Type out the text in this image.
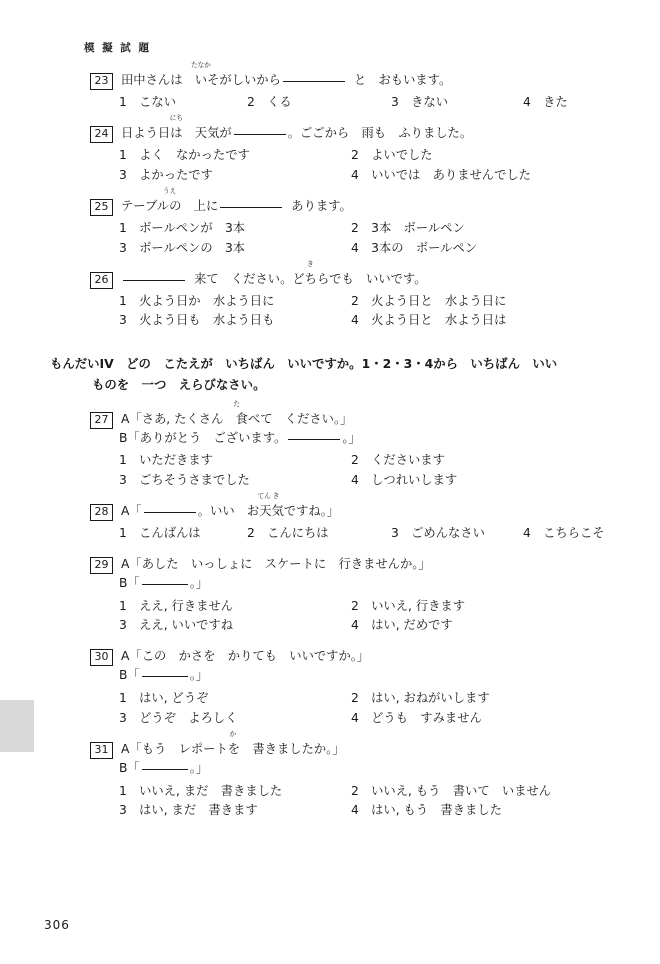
模 擬 試 題
23
たなか
田中さんは　いそがしいから	と　おもいます。
1　こない	2　くる	3　きない	4　きた
24
にち
日よう日は　天気が	。ごごから　雨も　ふりました。
1　よく　なかったです	2　よいでした
3　よかったです	4　いいでは　ありませんでした
25
うえ
テーブルの　上に	あります。
1　ボールペンが　3本	2　3本　ボールペン
3　ボールペンの　3本	4　3本の　ボールペン
26
き
来て　ください。どちらでも　いいです。
1　火よう日か　水よう日に	2　火よう日と　水よう日に
3　火よう日も　水よう日も	4　火よう日と　水よう日は
もんだいIV　どの　こたえが　いちばん　いいですか。1・2・3・4から　いちばん　いい
ものを　一つ　えらびなさい。
27
た
A「さあ, たくさん　食べて　ください。」
B「ありがとう　ございます。	。」
1　いただきます	2　くださいます
3　ごちそうさまでした	4　しつれいします
28	A「
てん き
。いい　お天気ですね。」
1　こんばんは	2　こんにちは	3　ごめんなさい	4　こちらこそ
29	A「あした　いっしょに　スケートに　行きませんか。」
B「	。」
1　ええ, 行きません	2　いいえ, 行きます
3　ええ, いいですね	4　はい, だめです
30	A「この　かさを　かりても　いいですか。」
B「	。」
1　はい, どうぞ	2　はい, おねがいします
3　どうぞ　よろしく	4　どうも　すみません
31
か
A「もう　レポートを　書きましたか。」
B「	。」
1　いいえ, まだ　書きました	2　いいえ, もう　書いて　いません
3　はい, まだ　書きます	4　はい, もう　書きました
306
